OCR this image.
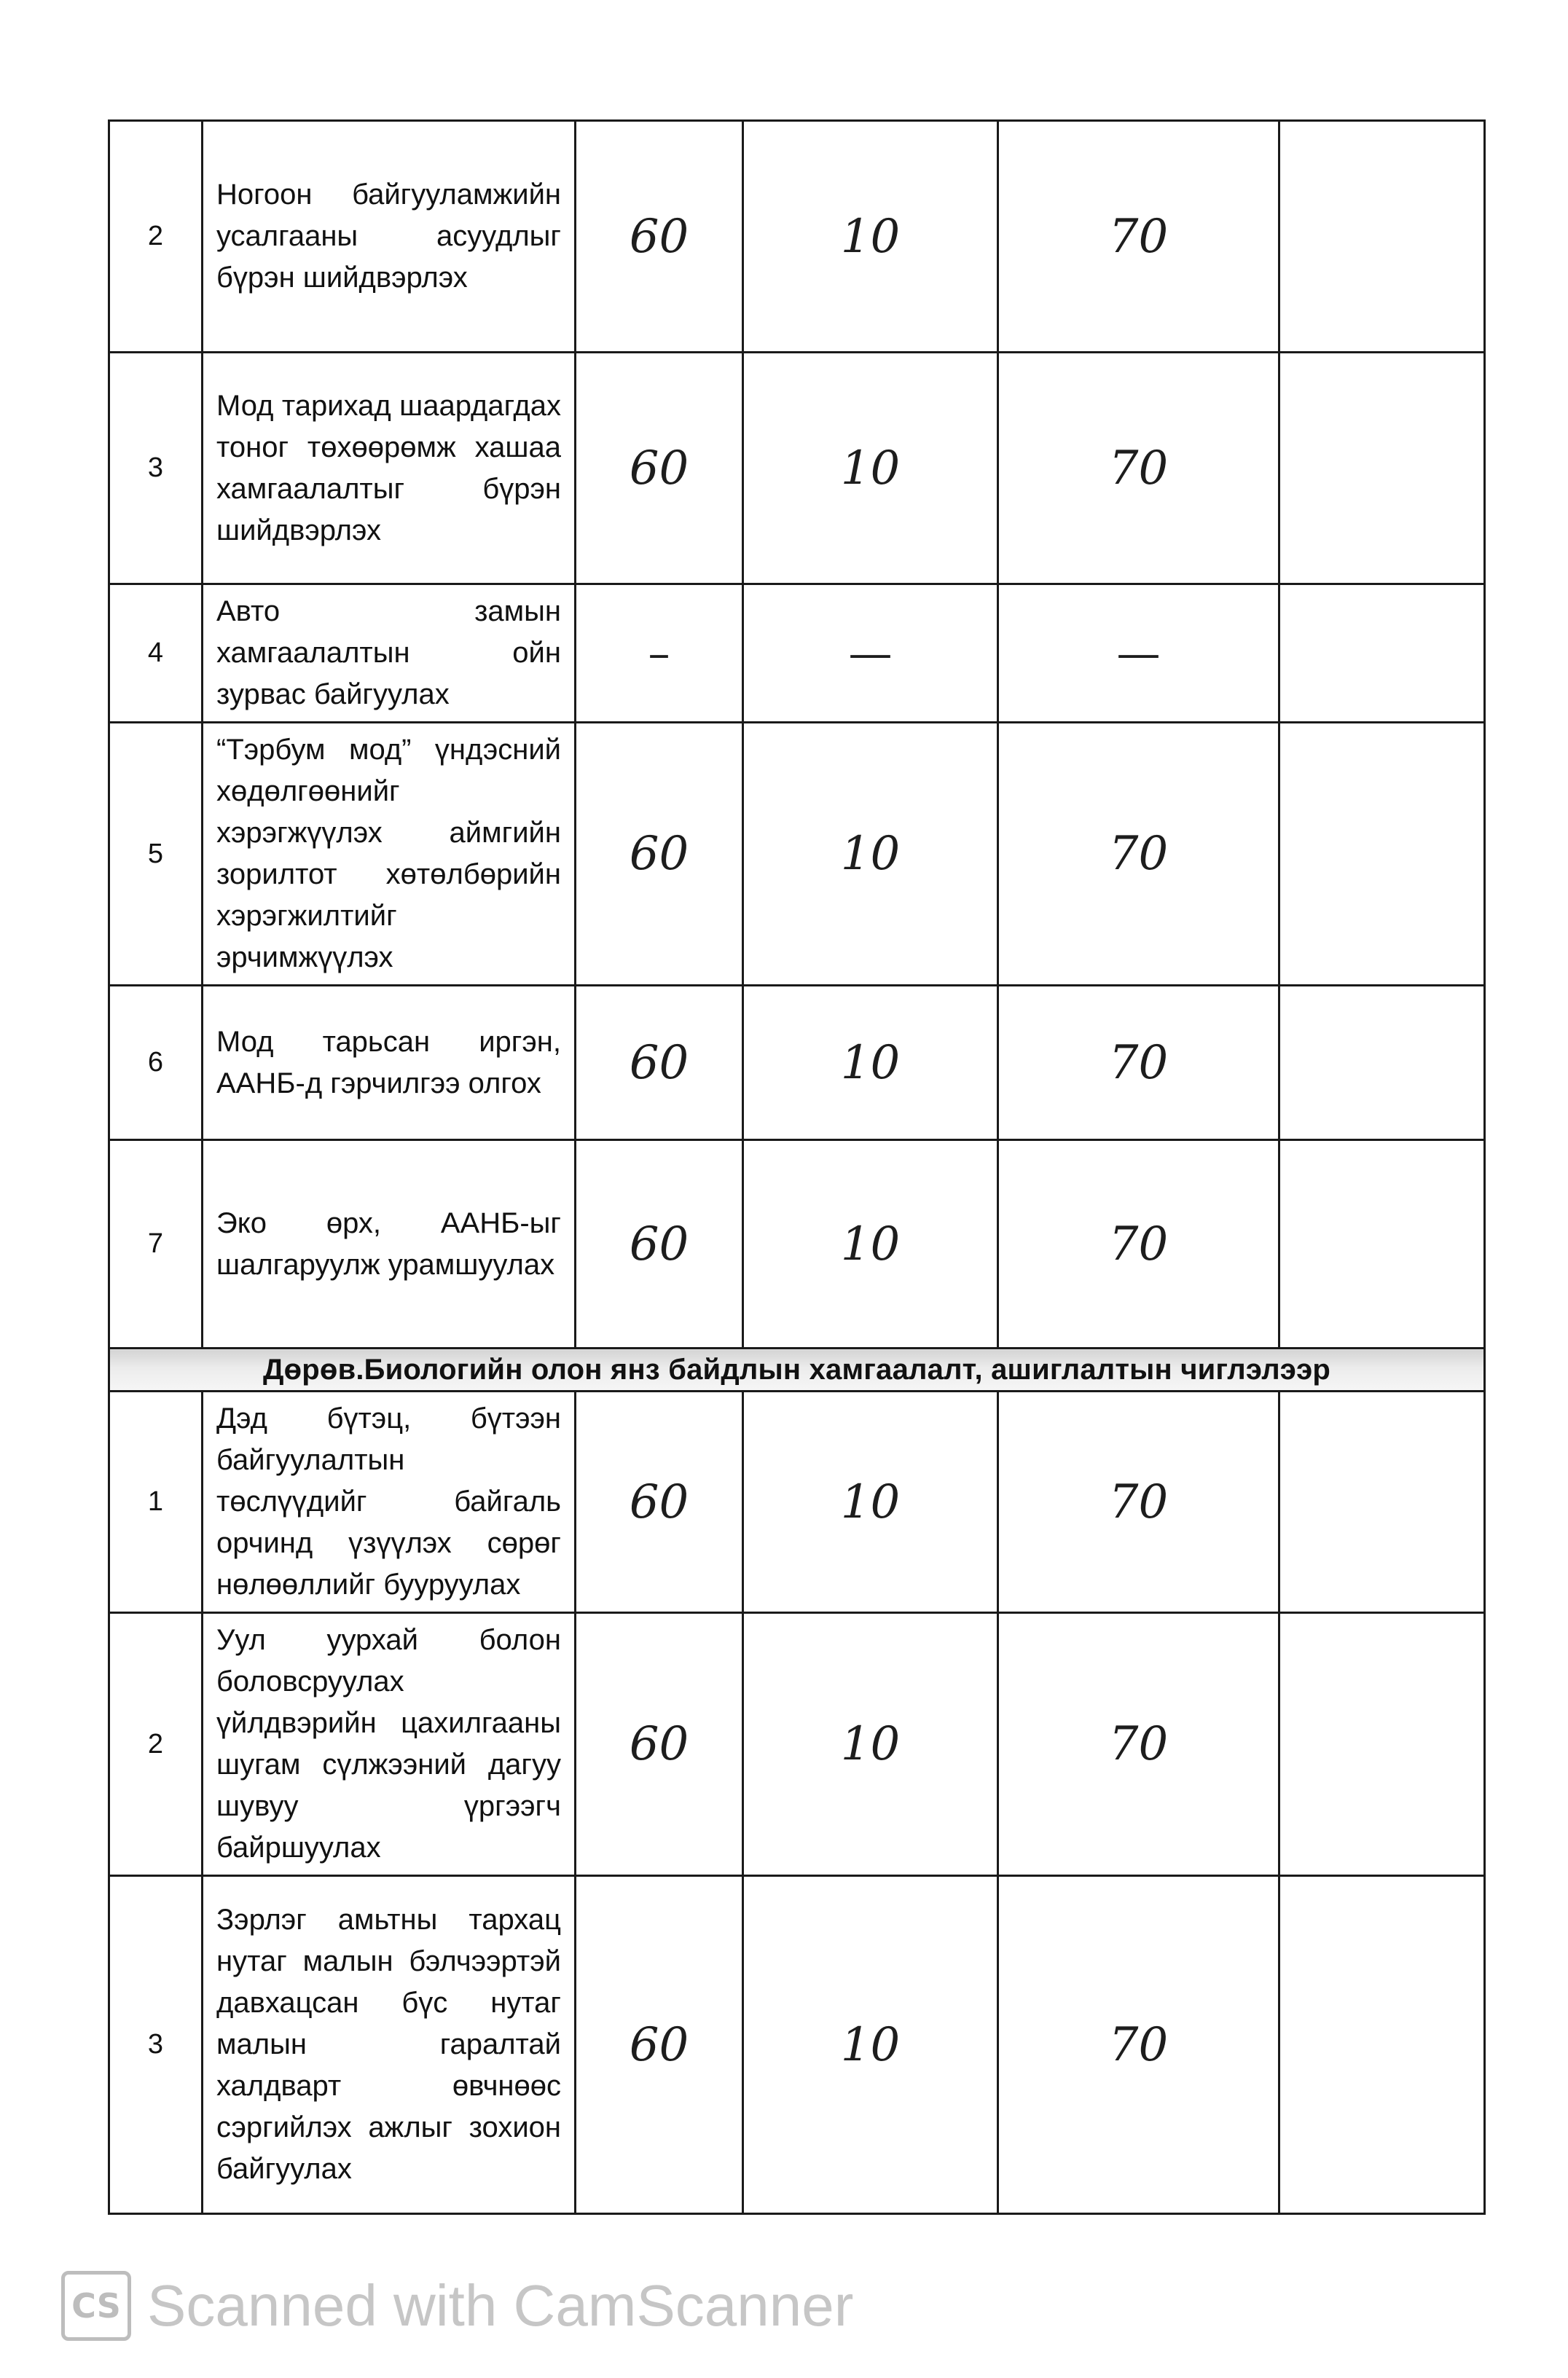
2	Ногоон байгууламжийн усалгааны асуудлыг бүрэн шийдвэрлэх	60	10	70	
3	Мод тарихад шаардагдах тоног төхөөрөмж хашаа хамгаалалтыг бүрэн шийдвэрлэх	60	10	70	
4	Авто замын хамгаалалтын ойн зурвас байгуулах	–	—	—	
5	“Тэрбум мод” үндэсний хөдөлгөөнийг хэрэгжүүлэх аймгийн зорилтот хөтөлбөрийн хэрэгжилтийг эрчимжүүлэх	60	10	70	
6	Мод тарьсан иргэн, ААНБ-д гэрчилгээ олгох	60	10	70	
7	Эко өрх, ААНБ-ыг шалгаруулж урамшуулах	60	10	70	
Дөрөв.Биологийн олон янз байдлын хамгаалалт, ашиглалтын чиглэлээр					
1	Дэд бүтэц, бүтээн байгуулалтын төслүүдийг байгаль орчинд үзүүлэх сөрөг нөлөөллийг бууруулах	60	10	70	
2	Уул уурхай болон боловсруулах үйлдвэрийн цахилгааны шугам сүлжээний дагуу шувуу үргээгч байршуулах	60	10	70	
3	Зэрлэг амьтны тархац нутаг малын бэлчээртэй давхацсан бүс нутаг малын гаралтай халдварт өвчнөөс сэргийлэх ажлыг зохион байгуулах	60	10	70	
CS Scanned with CamScanner
